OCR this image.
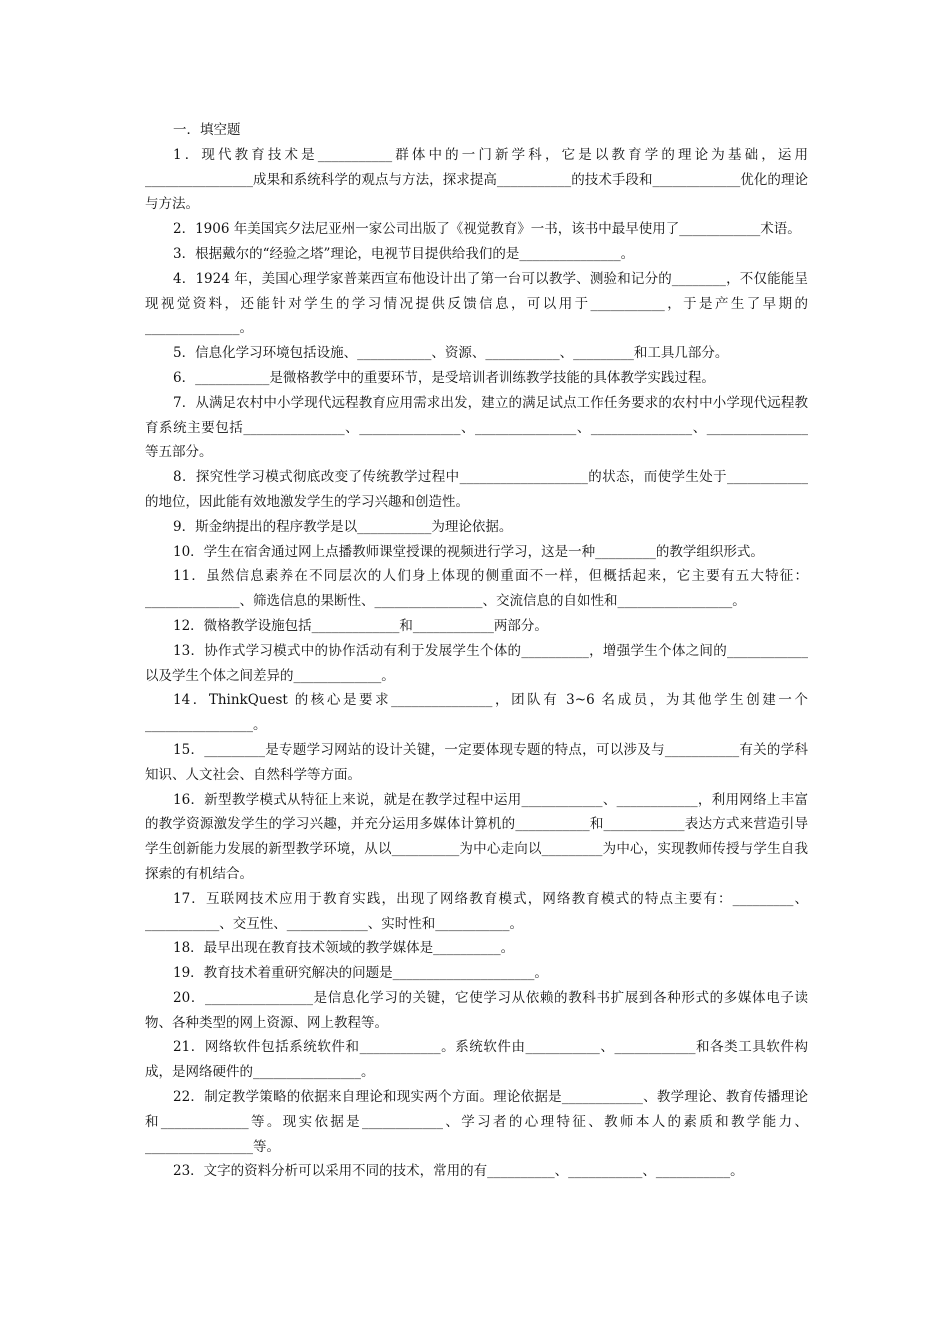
一．填空题

1．现代教育技术是___________群体中的一门新学科，它是以教育学的理论为基础，运用________________成果和系统科学的观点与方法，探求提高___________的技术手段和_____________优化的理论与方法。

2．1906 年美国宾夕法尼亚州一家公司出版了《视觉教育》一书，该书中最早使用了____________术语。

3．根据戴尔的“经验之塔”理论，电视节目提供给我们的是_______________。

4．1924 年，美国心理学家普莱西宣布他设计出了第一台可以教学、测验和记分的________，不仅能能呈现视觉资料，还能针对学生的学习情况提供反馈信息，可以用于___________，于是产生了早期的______________。

5．信息化学习环境包括设施、___________、资源、___________、_________和工具几部分。

6．___________是微格教学中的重要环节，是受培训者训练教学技能的具体教学实践过程。

7．从满足农村中小学现代远程教育应用需求出发，建立的满足试点工作任务要求的农村中小学现代远程教育系统主要包括_______________、_______________、_______________、_______________、_______________等五部分。

8．探究性学习模式彻底改变了传统教学过程中___________________的状态，而使学生处于____________的地位，因此能有效地激发学生的学习兴趣和创造性。

9．斯金纳提出的程序教学是以___________为理论依据。

10．学生在宿舍通过网上点播教师课堂授课的视频进行学习，这是一种_________的教学组织形式。

11．虽然信息素养在不同层次的人们身上体现的侧重面不一样，但概括起来，它主要有五大特征：______________、筛选信息的果断性、________________、交流信息的自如性和_________________。

12．微格教学设施包括_____________和____________两部分。

13．协作式学习模式中的协作活动有利于发展学生个体的__________，增强学生个体之间的____________以及学生个体之间差异的_____________。

14．ThinkQuest 的核心是要求_______________，团队有 3~6 名成员，为其他学生创建一个________________。

15．_________是专题学习网站的设计关键，一定要体现专题的特点，可以涉及与___________有关的学科知识、人文社会、自然科学等方面。

16．新型教学模式从特征上来说，就是在教学过程中运用____________、____________，利用网络上丰富的教学资源激发学生的学习兴趣，并充分运用多媒体计算机的___________和____________表达方式来营造引导学生创新能力发展的新型教学环境，从以__________为中心走向以_________为中心，实现教师传授与学生自我探索的有机结合。

17．互联网技术应用于教育实践，出现了网络教育模式，网络教育模式的特点主要有：_________、___________、交互性、____________、实时性和___________。

18．最早出现在教育技术领域的教学媒体是__________。

19．教育技术着重研究解决的问题是_____________________。

20．________________是信息化学习的关键，它使学习从依赖的教科书扩展到各种形式的多媒体电子读物、各种类型的网上资源、网上教程等。

21．网络软件包括系统软件和____________。系统软件由___________、____________和各类工具软件构成，是网络硬件的________________。

22．制定教学策略的依据来自理论和现实两个方面。理论依据是____________、教学理论、教育传播理论和_____________等。现实依据是____________、学习者的心理特征、教师本人的素质和教学能力、________________等。

23．文字的资料分析可以采用不同的技术，常用的有__________、___________、___________。
